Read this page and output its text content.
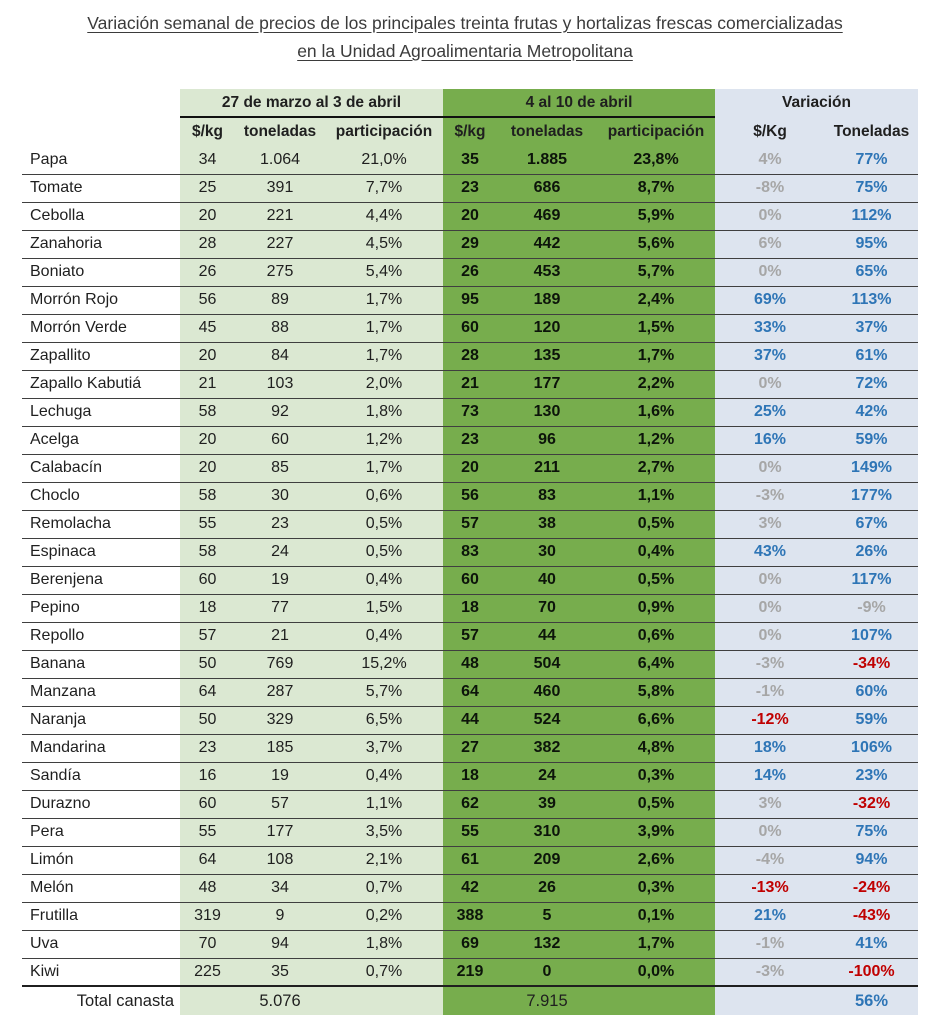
Variación semanal de precios de los principales treinta frutas y hortalizas frescas comercializadas
en la Unidad Agroalimentaria Metropolitana
	27 de marzo al 3 de abril			4 al 10 de abril			Variación	
	$/kg	toneladas	participación	$/kg	toneladas	participación	$/Kg	Toneladas
Papa	34	1.064	21,0%	35	1.885	23,8%	4%	77%
Tomate	25	391	7,7%	23	686	8,7%	-8%	75%
Cebolla	20	221	4,4%	20	469	5,9%	0%	112%
Zanahoria	28	227	4,5%	29	442	5,6%	6%	95%
Boniato	26	275	5,4%	26	453	5,7%	0%	65%
Morrón Rojo	56	89	1,7%	95	189	2,4%	69%	113%
Morrón Verde	45	88	1,7%	60	120	1,5%	33%	37%
Zapallito	20	84	1,7%	28	135	1,7%	37%	61%
Zapallo Kabutiá	21	103	2,0%	21	177	2,2%	0%	72%
Lechuga	58	92	1,8%	73	130	1,6%	25%	42%
Acelga	20	60	1,2%	23	96	1,2%	16%	59%
Calabacín	20	85	1,7%	20	211	2,7%	0%	149%
Choclo	58	30	0,6%	56	83	1,1%	-3%	177%
Remolacha	55	23	0,5%	57	38	0,5%	3%	67%
Espinaca	58	24	0,5%	83	30	0,4%	43%	26%
Berenjena	60	19	0,4%	60	40	0,5%	0%	117%
Pepino	18	77	1,5%	18	70	0,9%	0%	-9%
Repollo	57	21	0,4%	57	44	0,6%	0%	107%
Banana	50	769	15,2%	48	504	6,4%	-3%	-34%
Manzana	64	287	5,7%	64	460	5,8%	-1%	60%
Naranja	50	329	6,5%	44	524	6,6%	-12%	59%
Mandarina	23	185	3,7%	27	382	4,8%	18%	106%
Sandía	16	19	0,4%	18	24	0,3%	14%	23%
Durazno	60	57	1,1%	62	39	0,5%	3%	-32%
Pera	55	177	3,5%	55	310	3,9%	0%	75%
Limón	64	108	2,1%	61	209	2,6%	-4%	94%
Melón	48	34	0,7%	42	26	0,3%	-13%	-24%
Frutilla	319	9	0,2%	388	5	0,1%	21%	-43%
Uva	70	94	1,8%	69	132	1,7%	-1%	41%
Kiwi	225	35	0,7%	219	0	0,0%	-3%	-100%
Total canasta		5.076			7.915			56%
